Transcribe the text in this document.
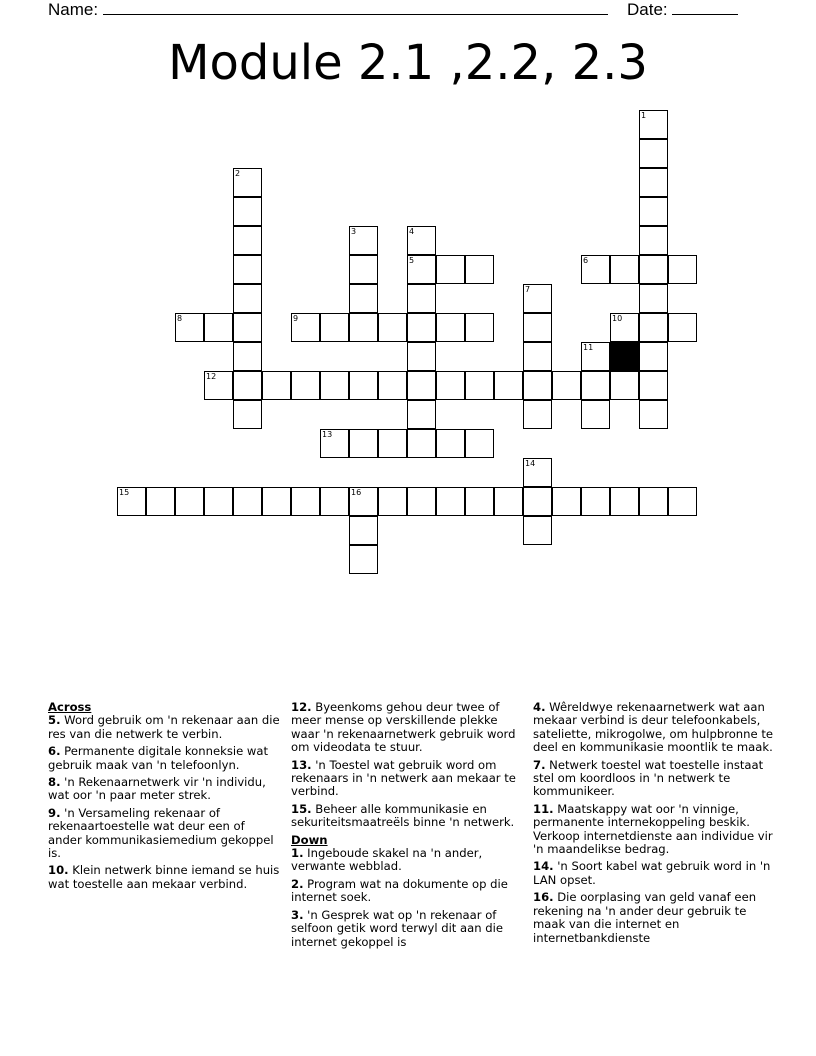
Name:	Date:
Module 2.1 ,2.2, 2.3
5	6
8	9	10
12
13
15	16
1
2
3	4
7
11
14
Across
5. Word gebruik om 'n rekenaar aan die res van die netwerk te verbin.
6. Permanente digitale konneksie wat gebruik maak van 'n telefoonlyn.
8. 'n Rekenaarnetwerk vir 'n individu, wat oor 'n paar meter strek.
9. 'n Versameling rekenaar of rekenaartoestelle wat deur een of ander kommunikasiemedium gekoppel is.
10. Klein netwerk binne iemand se huis wat toestelle aan mekaar verbind.
12. Byeenkoms gehou deur twee of meer mense op verskillende plekke waar 'n rekenaarnetwerk gebruik word om videodata te stuur.
13. 'n Toestel wat gebruik word om rekenaars in 'n netwerk aan mekaar te verbind.
15. Beheer alle kommunikasie en sekuriteitsmaatreëls binne 'n netwerk.
Down
1. Ingeboude skakel na 'n ander, verwante webblad.
2. Program wat na dokumente op die internet soek.
3. 'n Gesprek wat op 'n rekenaar of selfoon getik word terwyl dit aan die internet gekoppel is
4. Wêreldwye rekenaarnetwerk wat aan mekaar verbind is deur telefoonkabels, sateliette, mikrogolwe, om hulpbronne te deel en kommunikasie moontlik te maak.
7. Netwerk toestel wat toestelle instaat stel om koordloos in 'n netwerk te kommunikeer.
11. Maatskappy wat oor 'n vinnige, permanente internekoppeling beskik. Verkoop internetdienste aan individue vir 'n maandelikse bedrag.
14. 'n Soort kabel wat gebruik word in 'n LAN opset.
16. Die oorplasing van geld vanaf een rekening na 'n ander deur gebruik te maak van die internet en internetbankdienste
